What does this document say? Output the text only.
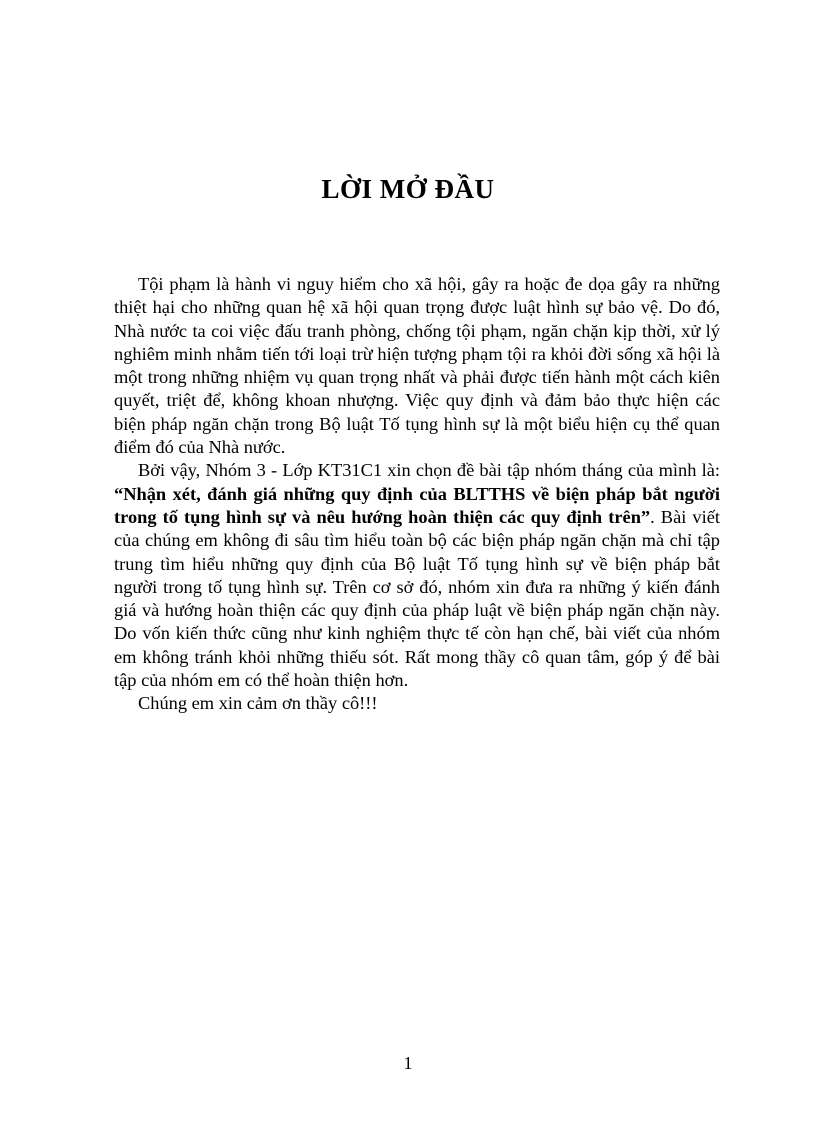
LỜI MỞ ĐẦU

Tội phạm là hành vi nguy hiểm cho xã hội, gây ra hoặc đe dọa gây ra những thiệt hại cho những quan hệ xã hội quan trọng được luật hình sự bảo vệ. Do đó, Nhà nước ta coi việc đấu tranh phòng, chống tội phạm, ngăn chặn kịp thời, xử lý nghiêm minh nhằm tiến tới loại trừ hiện tượng phạm tội ra khỏi đời sống xã hội là một trong những nhiệm vụ quan trọng nhất và phải được tiến hành một cách kiên quyết, triệt để, không khoan nhượng. Việc quy định và đảm bảo thực hiện các biện pháp ngăn chặn trong Bộ luật Tố tụng hình sự là một biểu hiện cụ thể quan điểm đó của Nhà nước.

Bởi vậy, Nhóm 3 - Lớp KT31C1 xin chọn đề bài tập nhóm tháng của mình là: “Nhận xét, đánh giá những quy định của BLTTHS về biện pháp bắt người trong tố tụng hình sự và nêu hướng hoàn thiện các quy định trên”. Bài viết của chúng em không đi sâu tìm hiểu toàn bộ các biện pháp ngăn chặn mà chỉ tập trung tìm hiểu những quy định của Bộ luật Tố tụng hình sự về biện pháp bắt người trong tố tụng hình sự. Trên cơ sở đó, nhóm xin đưa ra những ý kiến đánh giá và hướng hoàn thiện các quy định của pháp luật về biện pháp ngăn chặn này. Do vốn kiến thức cũng như kinh nghiệm thực tế còn hạn chế, bài viết của nhóm em không tránh khỏi những thiếu sót. Rất mong thầy cô quan tâm, góp ý để bài tập của nhóm em có thể hoàn thiện hơn.

Chúng em xin cảm ơn thầy cô!!!

1
